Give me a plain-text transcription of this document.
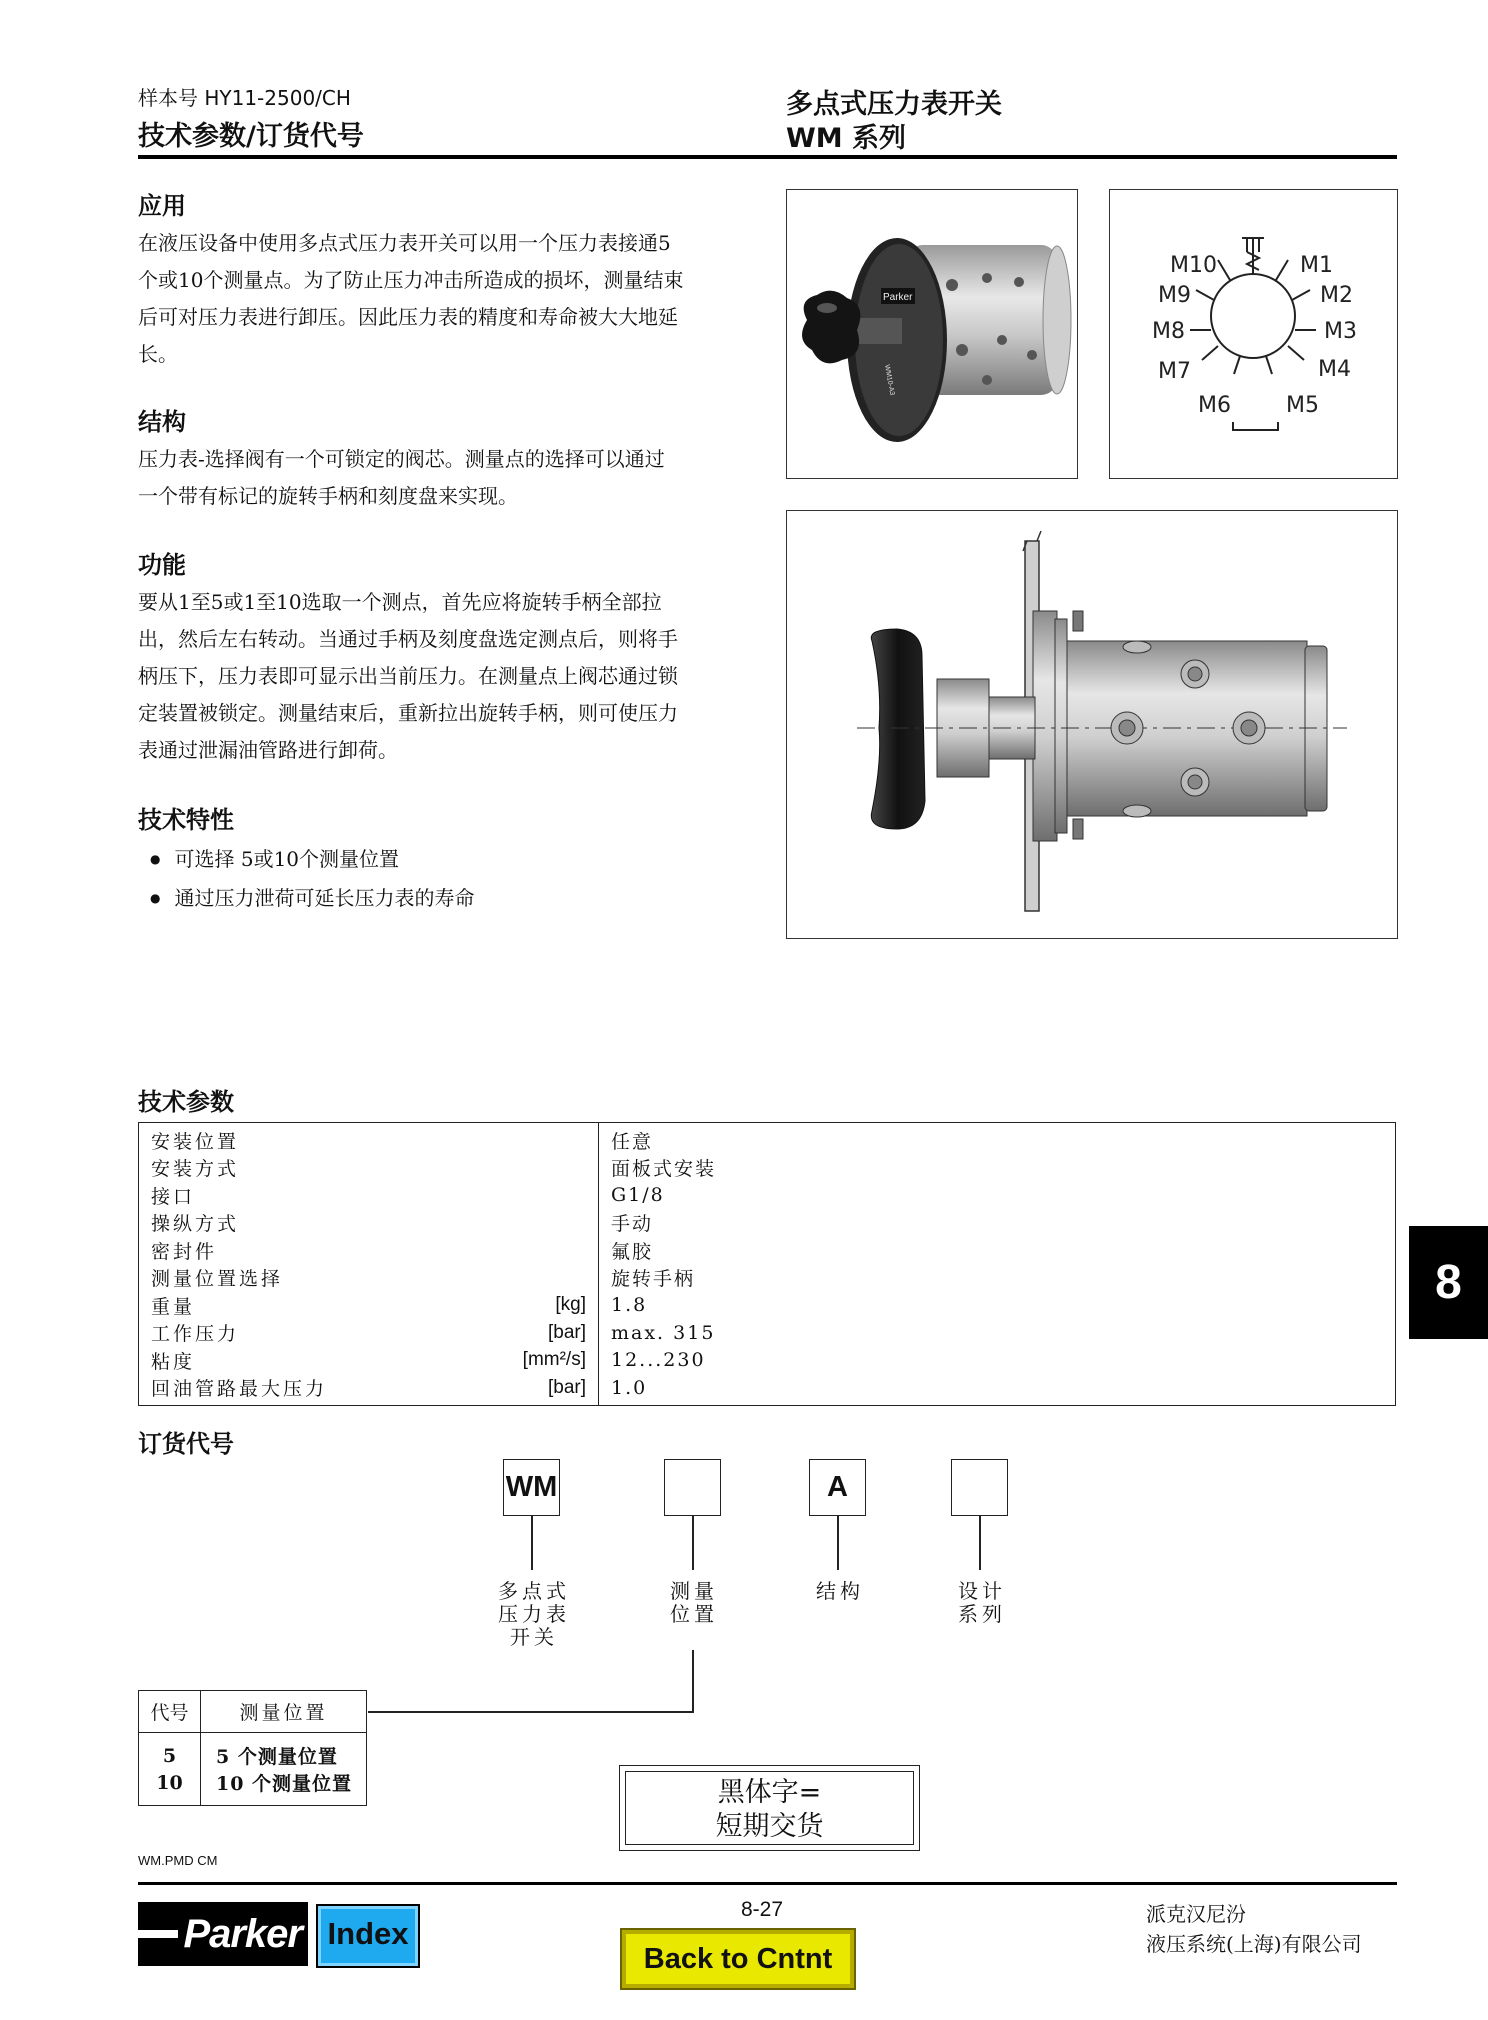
样本号 HY11-2500/CH
技术参数/订货代号
多点式压力表开关
WM 系列
应用
在液压设备中使用多点式压力表开关可以用一个压力表接通5
个或10个测量点。为了防止压力冲击所造成的损坏，测量结束
后可对压力表进行卸压。因此压力表的精度和寿命被大大地延
长。
结构
压力表-选择阀有一个可锁定的阀芯。测量点的选择可以通过
一个带有标记的旋转手柄和刻度盘来实现。
功能
要从1至5或1至10选取一个测点，首先应将旋转手柄全部拉
出，然后左右转动。当通过手柄及刻度盘选定测点后，则将手
柄压下，压力表即可显示出当前压力。在测量点上阀芯通过锁
定装置被锁定。测量结束后，重新拉出旋转手柄，则可使压力
表通过泄漏油管路进行卸荷。
技术特性
● 可选择 5或10个测量位置
● 通过压力泄荷可延长压力表的寿命
Parker
WM10-A3
M10	M1
M9	M2
M8	M3
M7	M4
M6	M5
技术参数
安装位置		任意
安装方式		面板式安装
接口		G1/8
操纵方式		手动
密封件		氟胶
测量位置选择		旋转手柄
重量	[kg]	1.8
工作压力	[bar]	max. 315
粘度	[mm²/s]	12...230
回油管路最大压力	[bar]	1.0
订货代号
WM	A
多点式
压力表
开关
测量
位置
结构	设计
系列
代号	测量位置
5	5 个测量位置
10	10 个测量位置	黑体字=
短期交货
8
WM.PMD CM
Parker Index
8-27
Back to Cntnt
派克汉尼汾
液压系统(上海)有限公司
